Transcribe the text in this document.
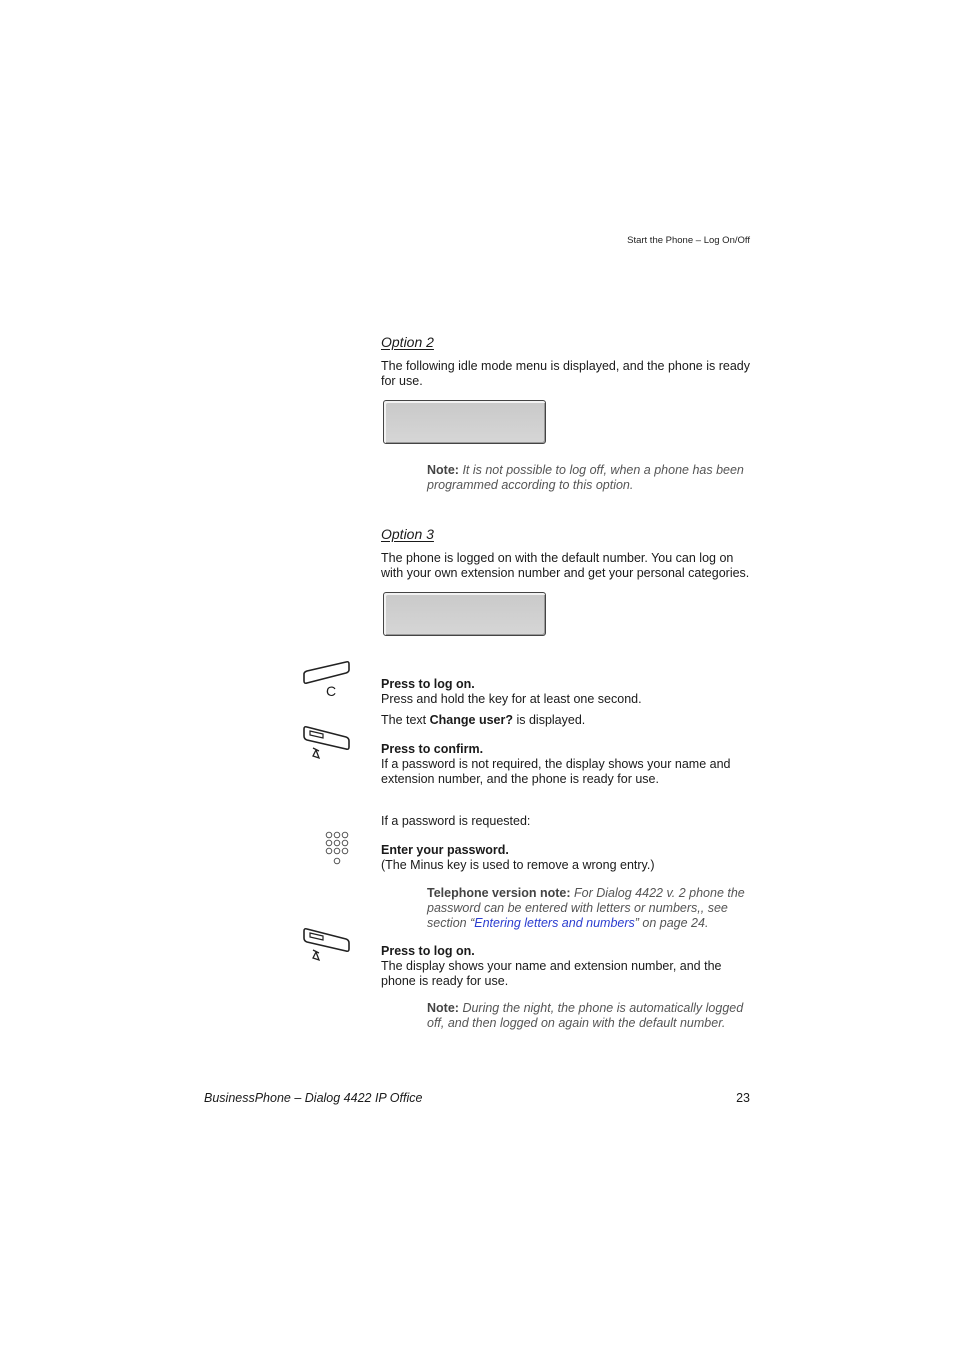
Start the Phone – Log On/Off
Option 2
The following idle mode menu is displayed, and the phone is ready for use.
Note: It is not possible to log off, when a phone has been programmed according to this option.
Option 3
The phone is logged on with the default number. You can log on with your own extension number and get your personal categories.
C	Press to log on.
Press and hold the key for at least one second.
The text Change user? is displayed.
Press to confirm.
If a password is not required, the display shows your name and extension number, and the phone is ready for use.
If a password is requested:
Enter your password.
(The Minus key is used to remove a wrong entry.)
Telephone version note: For Dialog 4422 v. 2 phone the password can be entered with letters or numbers,, see section “Entering letters and numbers” on page 24.
Press to log on.
The display shows your name and extension number, and the phone is ready for use.
Note: During the night, the phone is automatically logged off, and then logged on again with the default number.
BusinessPhone – Dialog 4422 IP Office	23
